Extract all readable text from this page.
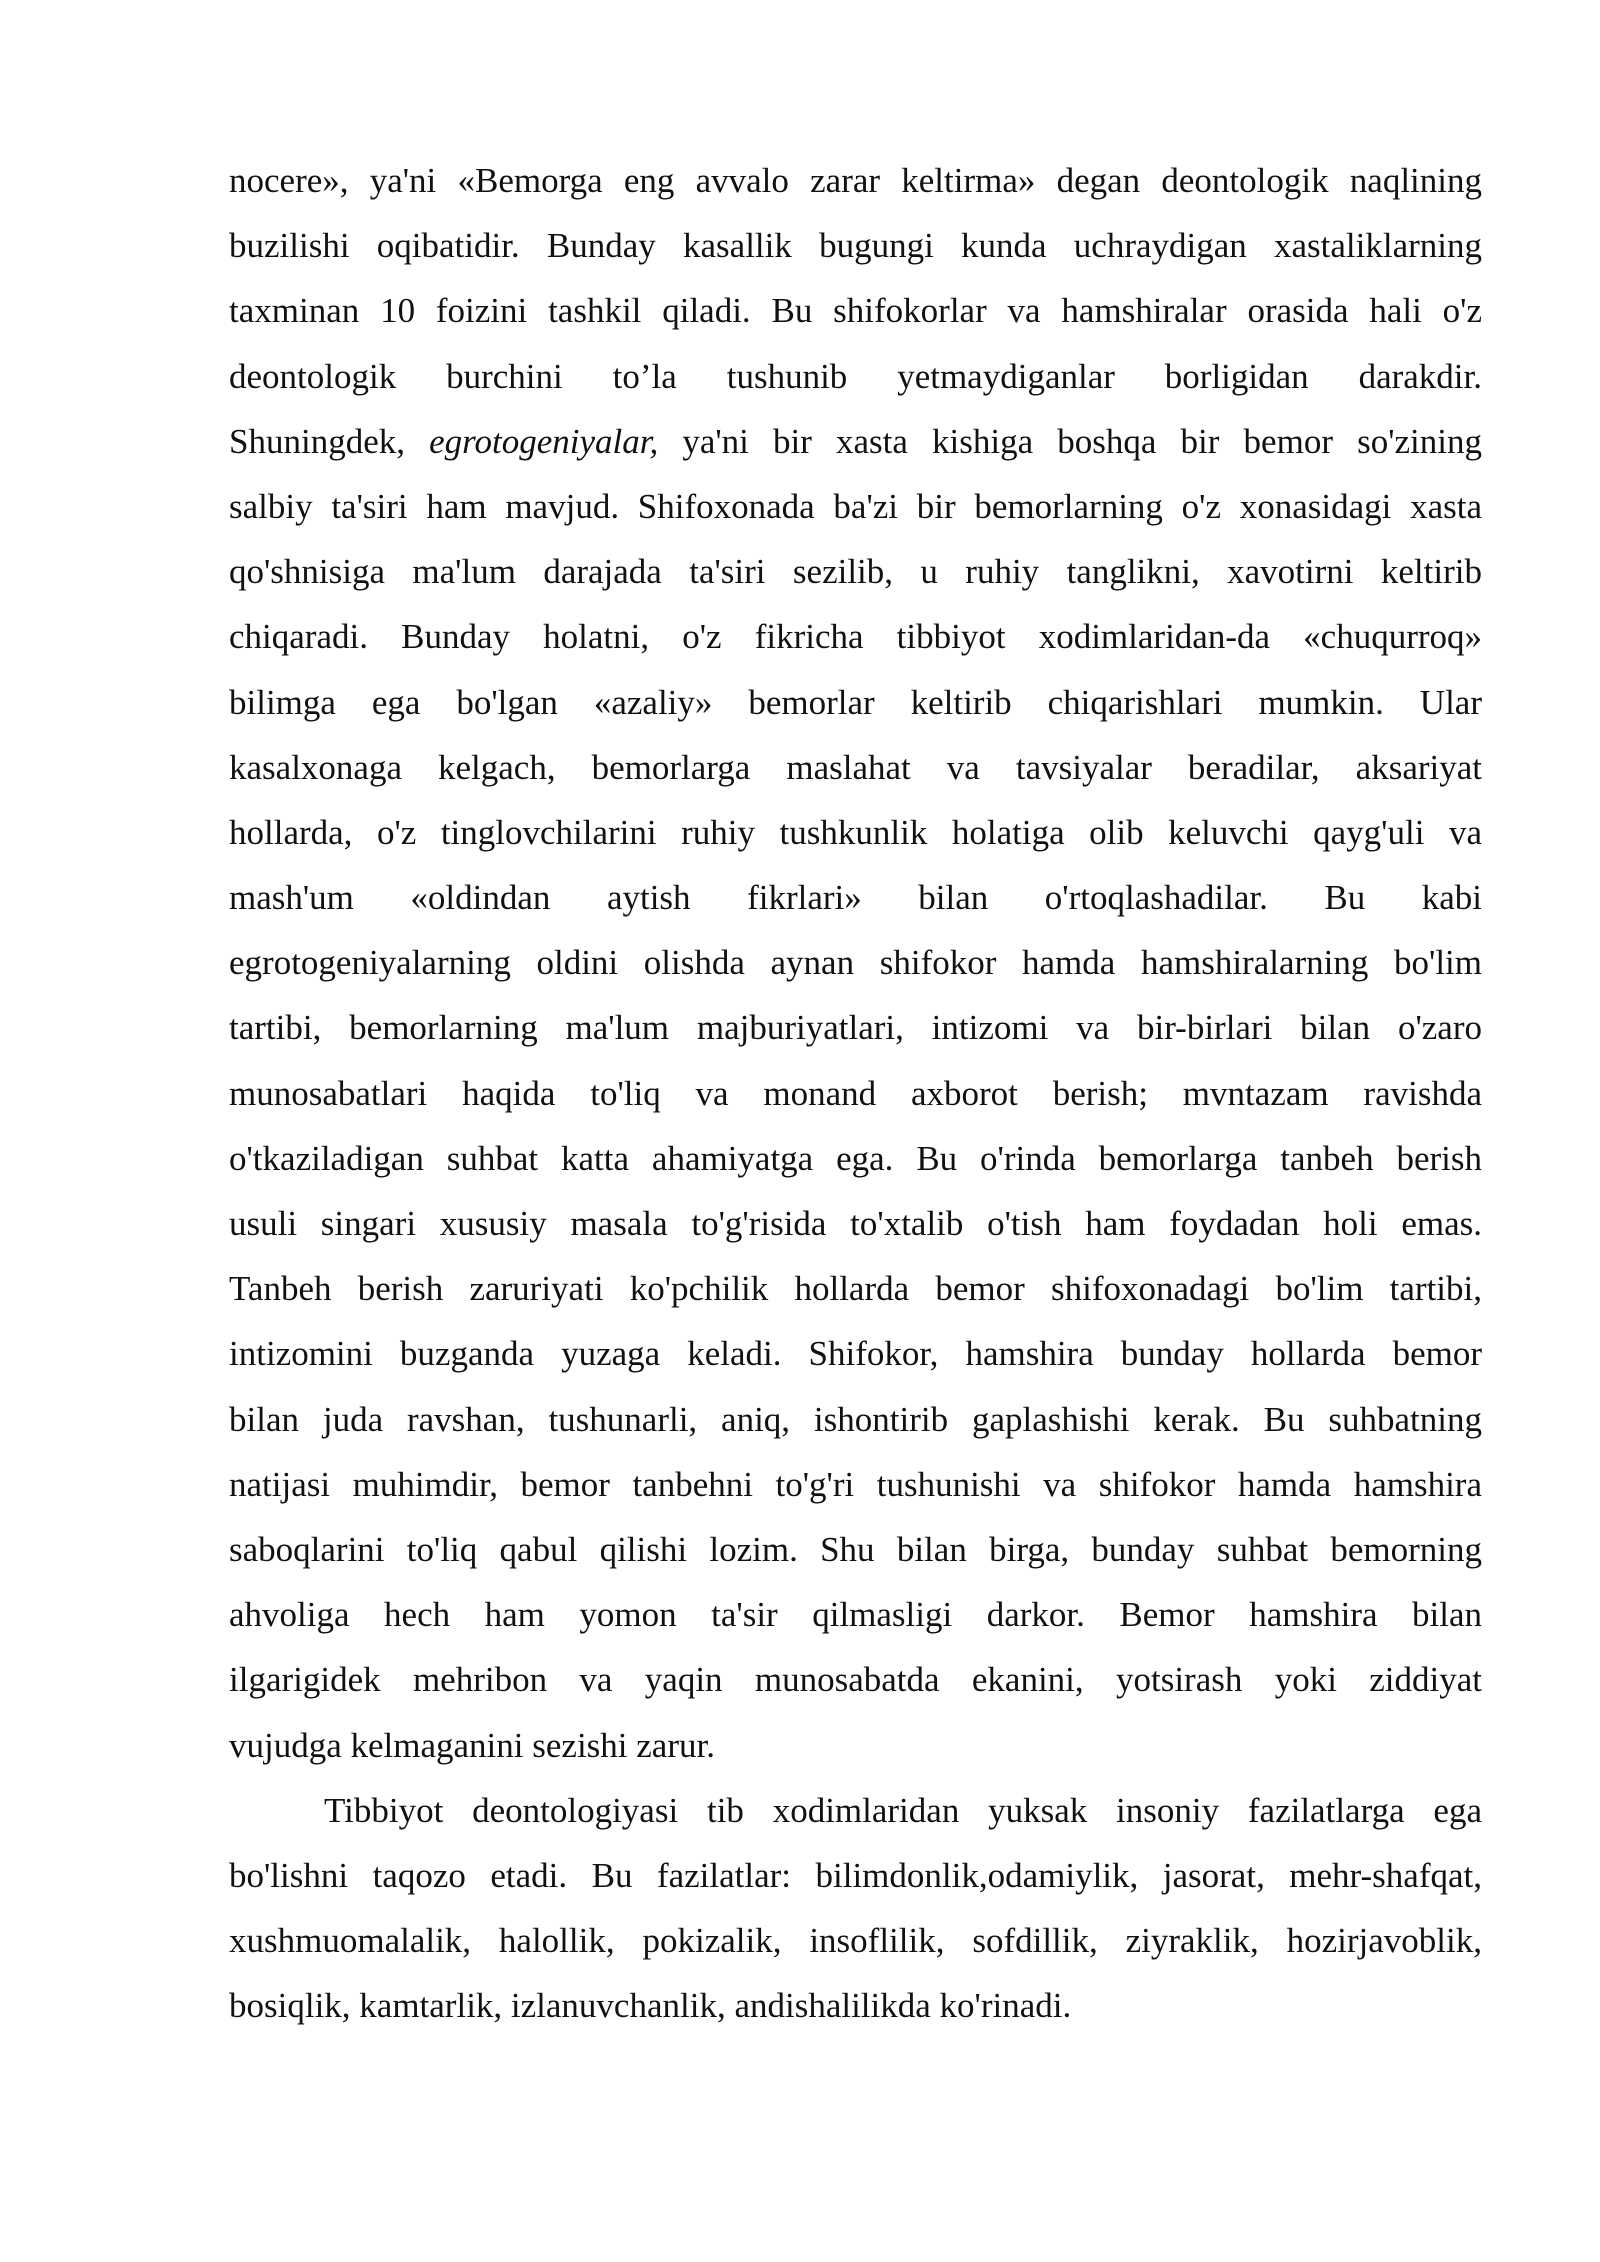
nocere», ya'ni «Bemorga eng avvalo zarar keltirma» degan deontologik naqlining
buzilishi oqibatidir. Bunday kasallik bugungi kunda uchraydigan xastaliklarning
taxminan 10 foizini tashkil qiladi. Bu shifokorlar va hamshiralar orasida hali o'z
deontologik burchini to’la tushunib yetmaydiganlar borligidan darakdir.
Shuningdek, egrotogeniyalar, ya'ni bir xasta kishiga boshqa bir bemor so'zining
salbiy ta'siri ham mavjud. Shifoxonada ba'zi bir bemorlarning o'z xonasidagi xasta
qo'shnisiga ma'lum darajada ta'siri sezilib, u ruhiy tanglikni, xavotirni keltirib
chiqaradi. Bunday holatni, o'z fikricha tibbiyot xodimlaridan-da «chuqurroq»
bilimga ega bo'lgan «azaliy» bemorlar keltirib chiqarishlari mumkin. Ular
kasalxonaga kelgach, bemorlarga maslahat va tavsiyalar beradilar, aksariyat
hollarda, o'z tinglovchilarini ruhiy tushkunlik holatiga olib keluvchi qayg'uli va
mash'um «oldindan aytish fikrlari» bilan o'rtoqlashadilar. Bu kabi
egrotogeniyalarning oldini olishda aynan shifokor hamda hamshiralarning bo'lim
tartibi, bemorlarning ma'lum majburiyatlari, intizomi va bir-birlari bilan o'zaro
munosabatlari haqida to'liq va monand axborot berish; mvntazam ravishda
o'tkaziladigan suhbat katta ahamiyatga ega. Bu o'rinda bemorlarga tanbeh berish
usuli singari xususiy masala to'g'risida to'xtalib o'tish ham foydadan holi emas.
Tanbeh berish zaruriyati ko'pchilik hollarda bemor shifoxonadagi bo'lim tartibi,
intizomini buzganda yuzaga keladi. Shifokor, hamshira bunday hollarda bemor
bilan juda ravshan, tushunarli, aniq, ishontirib gaplashishi kerak. Bu suhbatning
natijasi muhimdir, bemor tanbehni to'g'ri tushunishi va shifokor hamda hamshira
saboqlarini to'liq qabul qilishi lozim. Shu bilan birga, bunday suhbat bemorning
ahvoliga hech ham yomon ta'sir qilmasligi darkor. Bemor hamshira bilan
ilgarigidek mehribon va yaqin munosabatda ekanini, yotsirash yoki ziddiyat
vujudga kelmaganini sezishi zarur.
Tibbiyot deontologiyasi tib xodimlaridan yuksak insoniy fazilatlarga ega
bo'lishni taqozo etadi. Bu fazilatlar: bilimdonlik,odamiylik, jasorat, mehr-shafqat,
xushmuomalalik, halollik, pokizalik, insoflilik, sofdillik, ziyraklik, hozirjavoblik,
bosiqlik, kamtarlik, izlanuvchanlik, andishalilikda ko'rinadi.
